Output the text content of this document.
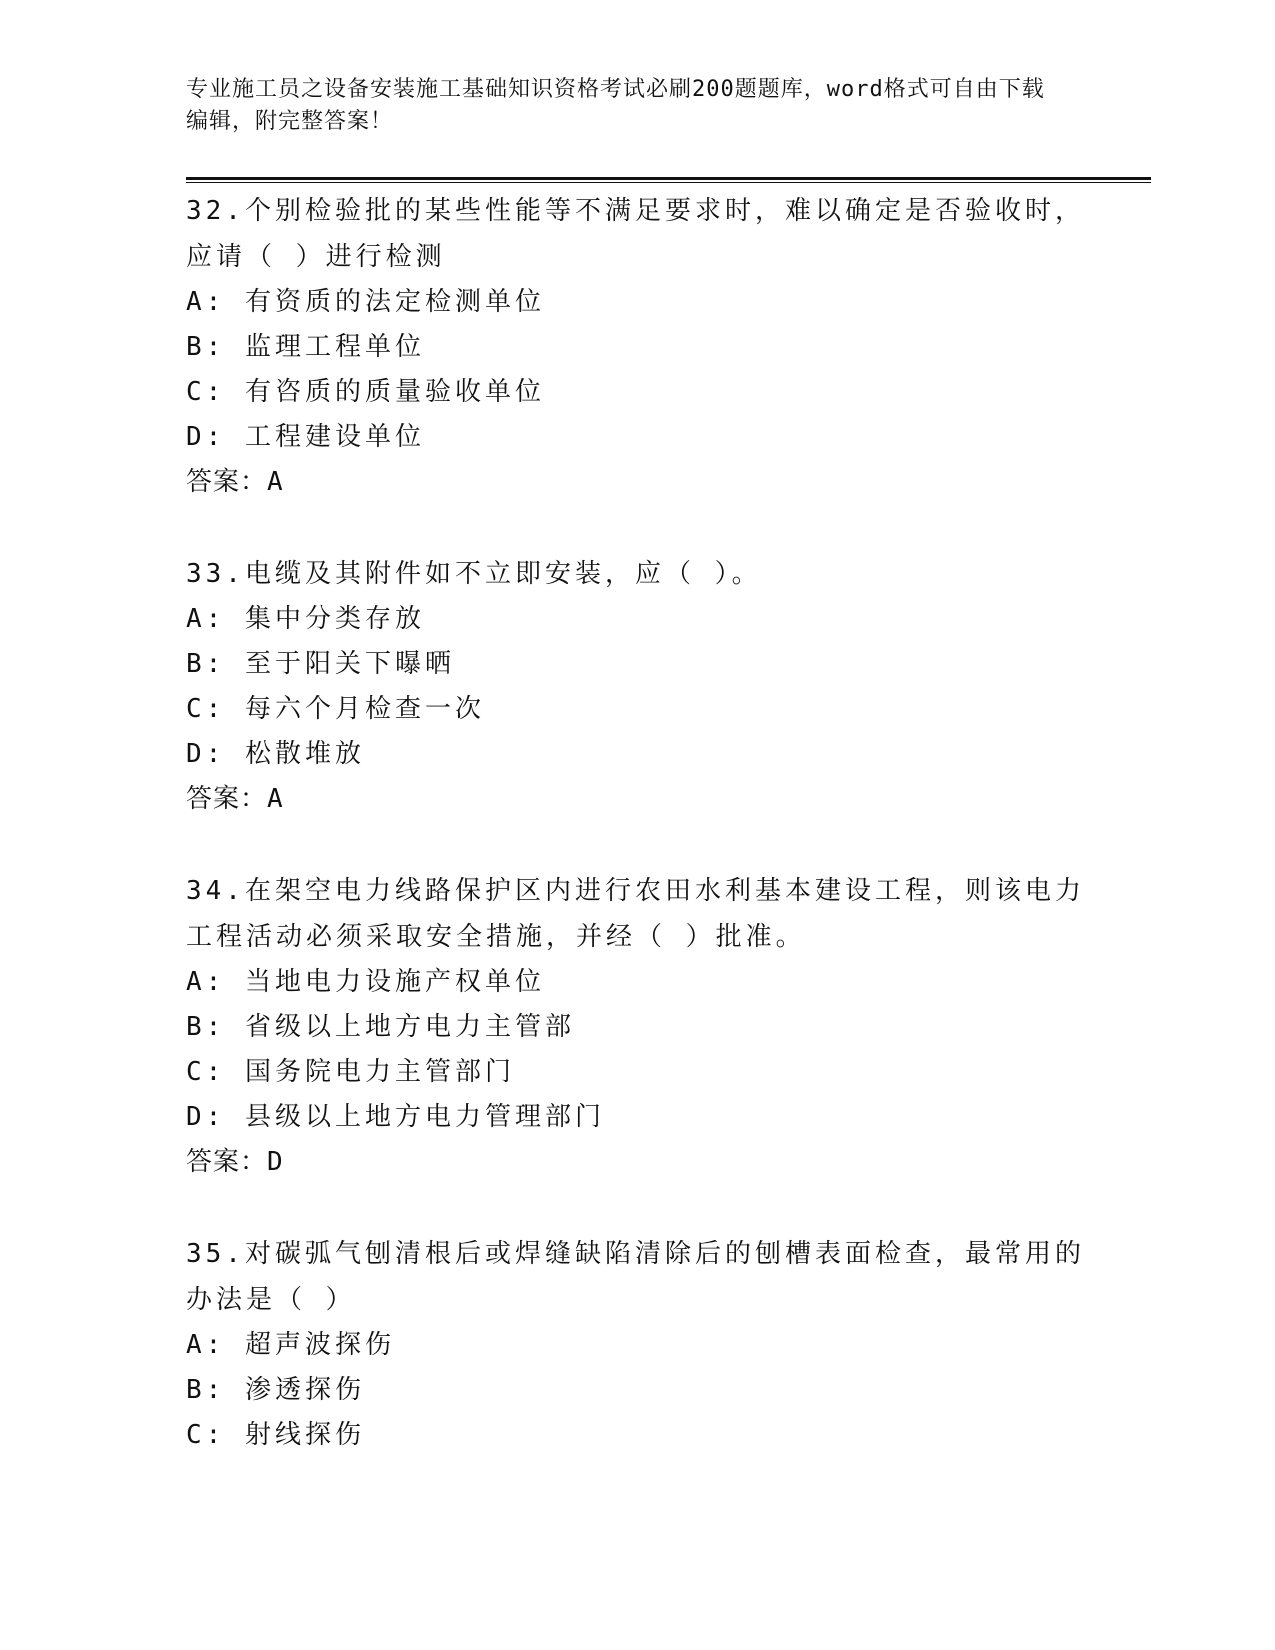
专业施工员之设备安装施工基础知识资格考试必刷200题题库，word格式可自由下载编辑，附完整答案！
32.个别检验批的某些性能等不满足要求时，难以确定是否验收时，应请（ ）进行检测
A: 有资质的法定检测单位
B: 监理工程单位
C: 有咨质的质量验收单位
D: 工程建设单位
答案：A
33.电缆及其附件如不立即安装，应（ ）。
A: 集中分类存放
B: 至于阳关下曝晒
C: 每六个月检查一次
D: 松散堆放
答案：A
34.在架空电力线路保护区内进行农田水利基本建设工程，则该电力工程活动必须采取安全措施，并经（ ）批准。
A: 当地电力设施产权单位
B: 省级以上地方电力主管部
C: 国务院电力主管部门
D: 县级以上地方电力管理部门
答案：D
35.对碳弧气刨清根后或焊缝缺陷清除后的刨槽表面检查，最常用的办法是（ ）
A: 超声波探伤
B: 渗透探伤
C: 射线探伤
